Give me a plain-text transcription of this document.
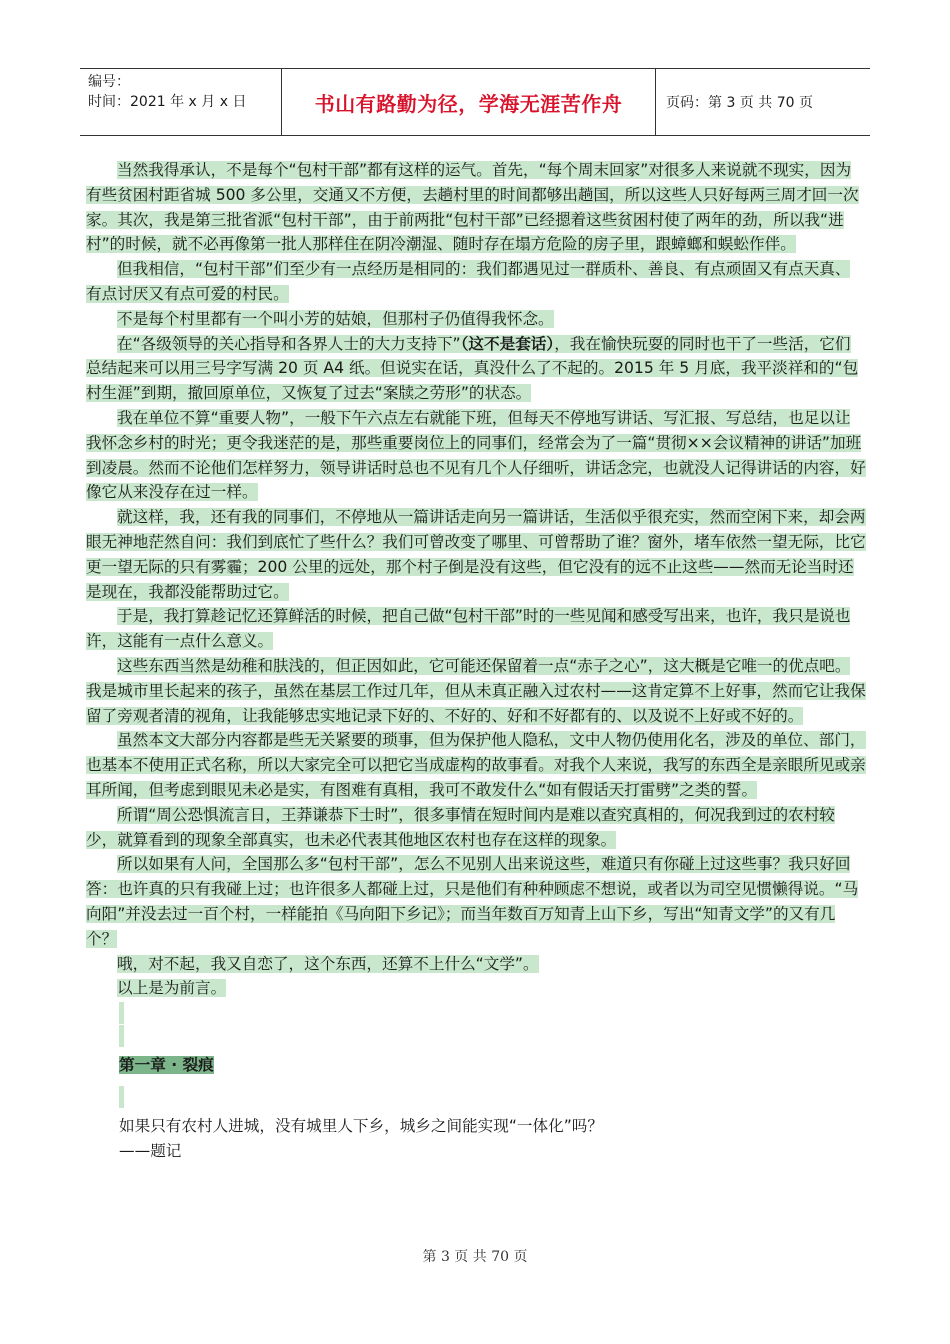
编号：
时间：2021 年 x 月 x 日	书山有路勤为径，学海无涯苦作舟	页码：第 3 页 共 70 页

当然我得承认，不是每个“包村干部”都有这样的运气。首先，“每个周末回家”对很多人来说就不现实，因为有些贫困村距省城 500 多公里，交通又不方便，去趟村里的时间都够出趟国，所以这些人只好每两三周才回一次家。其次，我是第三批省派“包村干部”，由于前两批“包村干部”已经摁着这些贫困村使了两年的劲，所以我“进村”的时候，就不必再像第一批人那样住在阴冷潮湿、随时存在塌方危险的房子里，跟蟑螂和蜈蚣作伴。

但我相信，“包村干部”们至少有一点经历是相同的：我们都遇见过一群质朴、善良、有点顽固又有点天真、有点讨厌又有点可爱的村民。

不是每个村里都有一个叫小芳的姑娘，但那村子仍值得我怀念。

在“各级领导的关心指导和各界人士的大力支持下”（这不是套话），我在愉快玩耍的同时也干了一些活，它们总结起来可以用三号字写满 20 页 A4 纸。但说实在话，真没什么了不起的。2015 年 5 月底，我平淡祥和的“包村生涯”到期，撤回原单位，又恢复了过去“案牍之劳形”的状态。

我在单位不算“重要人物”，一般下午六点左右就能下班，但每天不停地写讲话、写汇报、写总结，也足以让我怀念乡村的时光；更令我迷茫的是，那些重要岗位上的同事们，经常会为了一篇“贯彻××会议精神的讲话”加班到凌晨。然而不论他们怎样努力，领导讲话时总也不见有几个人仔细听，讲话念完，也就没人记得讲话的内容，好像它从来没存在过一样。

就这样，我，还有我的同事们，不停地从一篇讲话走向另一篇讲话，生活似乎很充实，然而空闲下来，却会两眼无神地茫然自问：我们到底忙了些什么？我们可曾改变了哪里、可曾帮助了谁？窗外，堵车依然一望无际，比它更一望无际的只有雾霾；200 公里的远处，那个村子倒是没有这些，但它没有的远不止这些——然而无论当时还是现在，我都没能帮助过它。

于是，我打算趁记忆还算鲜活的时候，把自己做“包村干部”时的一些见闻和感受写出来，也许，我只是说也许，这能有一点什么意义。

这些东西当然是幼稚和肤浅的，但正因如此，它可能还保留着一点“赤子之心”，这大概是它唯一的优点吧。我是城市里长起来的孩子，虽然在基层工作过几年，但从未真正融入过农村——这肯定算不上好事，然而它让我保留了旁观者清的视角，让我能够忠实地记录下好的、不好的、好和不好都有的、以及说不上好或不好的。

虽然本文大部分内容都是些无关紧要的琐事，但为保护他人隐私，文中人物仍使用化名，涉及的单位、部门，也基本不使用正式名称，所以大家完全可以把它当成虚构的故事看。对我个人来说，我写的东西全是亲眼所见或亲耳所闻，但考虑到眼见未必是实，有图难有真相，我可不敢发什么“如有假话天打雷劈”之类的誓。

所谓“周公恐惧流言日，王莽谦恭下士时”，很多事情在短时间内是难以查究真相的，何况我到过的农村较少，就算看到的现象全部真实，也未必代表其他地区农村也存在这样的现象。

所以如果有人问，全国那么多“包村干部”，怎么不见别人出来说这些，难道只有你碰上过这些事？我只好回答：也许真的只有我碰上过；也许很多人都碰上过，只是他们有种种顾虑不想说，或者以为司空见惯懒得说。“马向阳”并没去过一百个村，一样能拍《马向阳下乡记》；而当年数百万知青上山下乡，写出“知青文学”的又有几个？

哦，对不起，我又自恋了，这个东西，还算不上什么“文学”。

以上是为前言。

第一章 · 裂痕

如果只有农村人进城，没有城里人下乡，城乡之间能实现“一体化”吗？

——题记

第 3 页 共 70 页
